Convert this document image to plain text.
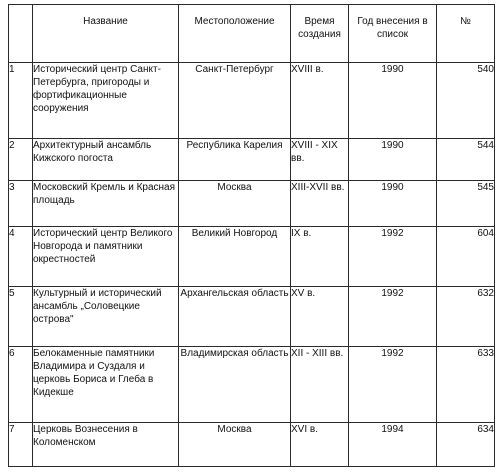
	Название	Местоположение	Время создания	Год внесения в список	№

1	Исторический центр Санкт-Петербурга, пригороды и фортификационные сооружения	Санкт-Петербург	XVIII в.	1990	540
2	Архитектурный ансамбль Кижского погоста	Республика Карелия	XVIII - XIX вв.	1990	544
3	Московский Кремль и Красная площадь	Москва	XIII-XVII вв.	1990	545
4	Исторический центр Великого Новгорода и памятники окрестностей	Великий Новгород	IX в.	1992	604
5	Культурный и исторический ансамбль „Соловецкие острова"	Архангельская область	XV в.	1992	632
6	Белокаменные памятники Владимира и Суздаля и церковь Бориса и Глеба в Кидекше	Владимирская область	XII - XIII вв.	1992	633
7	Церковь Вознесения в Коломенском	Москва	XVI в.	1994	634
